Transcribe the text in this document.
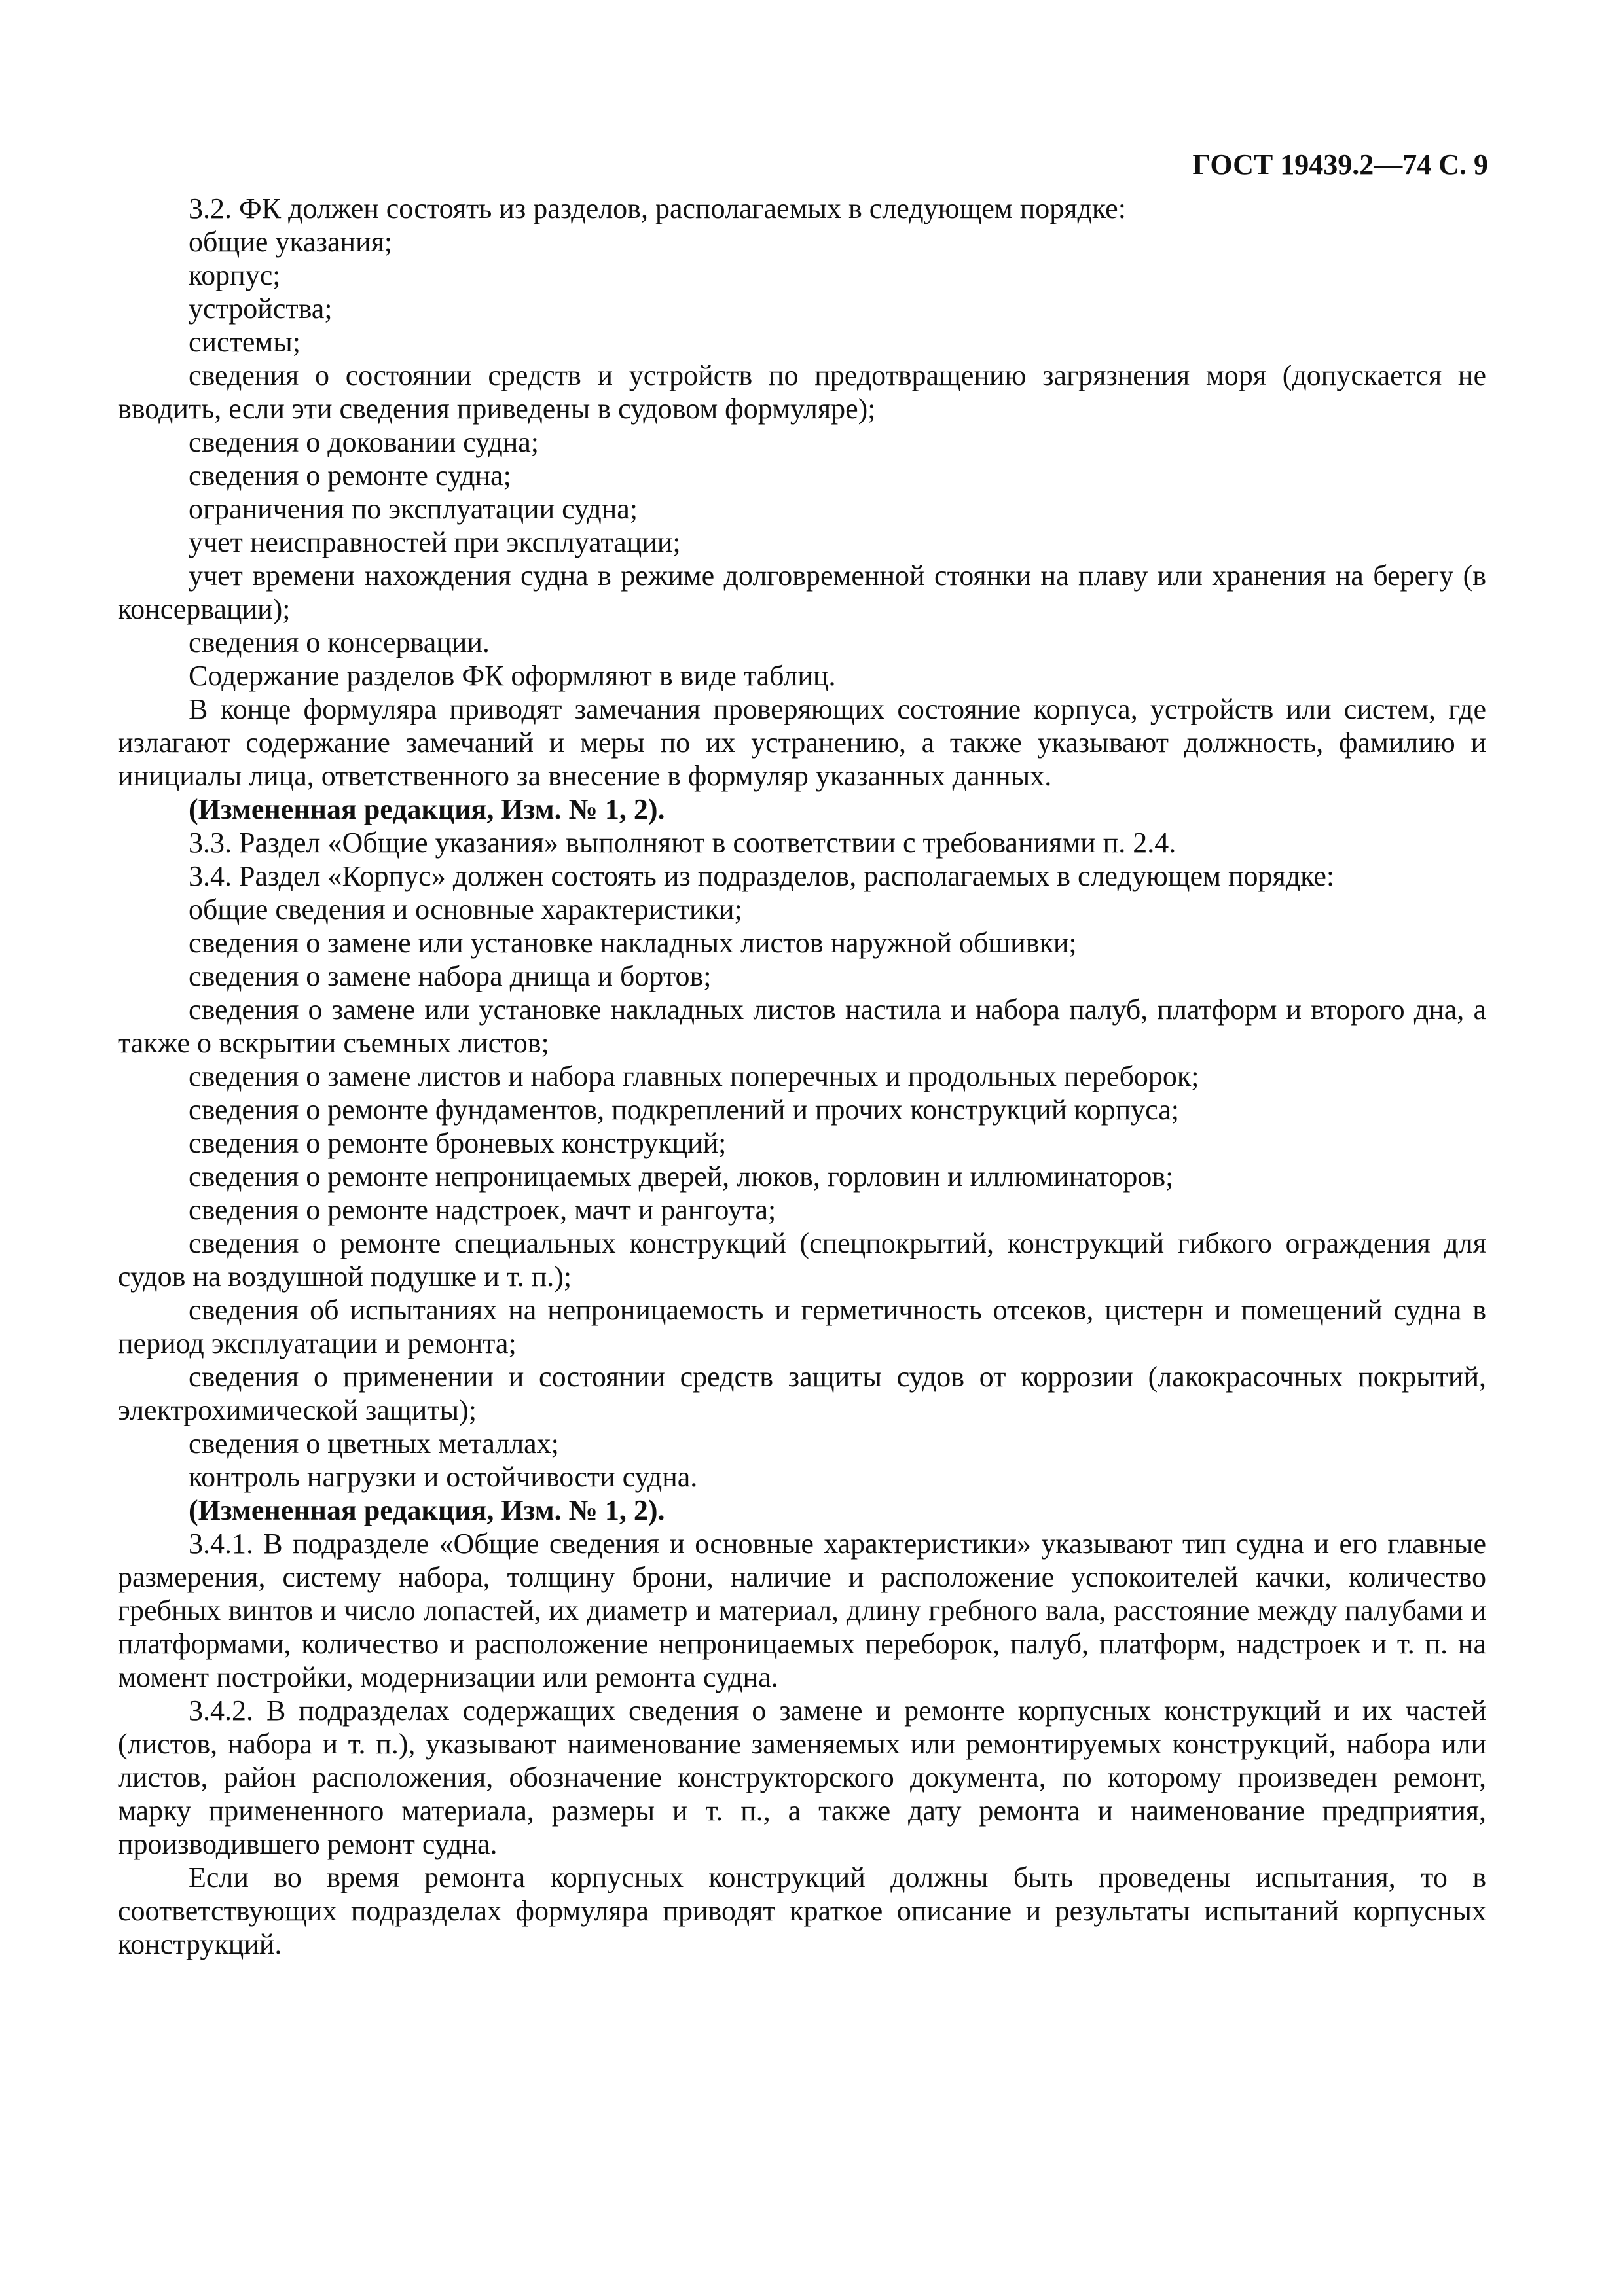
ГОСТ 19439.2—74 С. 9

3.2. ФК должен состоять из разделов, располагаемых в следующем порядке:

общие указания;

корпус;

устройства;

системы;

сведения о состоянии средств и устройств по предотвращению загрязнения моря (допускается не вводить, если эти сведения приведены в судовом формуляре);

сведения о доковании судна;

сведения о ремонте судна;

ограничения по эксплуатации судна;

учет неисправностей при эксплуатации;

учет времени нахождения судна в режиме долговременной стоянки на плаву или хранения на берегу (в консервации);

сведения о консервации.

Содержание разделов ФК оформляют в виде таблиц.

В конце формуляра приводят замечания проверяющих состояние корпуса, устройств или систем, где излагают содержание замечаний и меры по их устранению, а также указывают должность, фамилию и инициалы лица, ответственного за внесение в формуляр указанных данных.

(Измененная редакция, Изм. № 1, 2).

3.3. Раздел «Общие указания» выполняют в соответствии с требованиями п. 2.4.

3.4. Раздел «Корпус» должен состоять из подразделов, располагаемых в следующем порядке:

общие сведения и основные характеристики;

сведения о замене или установке накладных листов наружной обшивки;

сведения о замене набора днища и бортов;

сведения о замене или установке накладных листов настила и набора палуб, платформ и второго дна, а также о вскрытии съемных листов;

сведения о замене листов и набора главных поперечных и продольных переборок;

сведения о ремонте фундаментов, подкреплений и прочих конструкций корпуса;

сведения о ремонте броневых конструкций;

сведения о ремонте непроницаемых дверей, люков, горловин и иллюминаторов;

сведения о ремонте надстроек, мачт и рангоута;

сведения о ремонте специальных конструкций (спецпокрытий, конструкций гибкого ограждения для судов на воздушной подушке и т. п.);

сведения об испытаниях на непроницаемость и герметичность отсеков, цистерн и помещений судна в период эксплуатации и ремонта;

сведения о применении и состоянии средств защиты судов от коррозии (лакокрасочных покрытий, электрохимической защиты);

сведения о цветных металлах;

контроль нагрузки и остойчивости судна.

(Измененная редакция, Изм. № 1, 2).

3.4.1. В подразделе «Общие сведения и основные характеристики» указывают тип судна и его главные размерения, систему набора, толщину брони, наличие и расположение успокоителей качки, количество гребных винтов и число лопастей, их диаметр и материал, длину гребного вала, расстояние между палубами и платформами, количество и расположение непроницаемых переборок, палуб, платформ, надстроек и т. п. на момент постройки, модернизации или ремонта судна.

3.4.2. В подразделах содержащих сведения о замене и ремонте корпусных конструкций и их частей (листов, набора и т. п.), указывают наименование заменяемых или ремонтируемых конструкций, набора или листов, район расположения, обозначение конструкторского документа, по которому произведен ремонт, марку примененного материала, размеры и т. п., а также дату ремонта и наименование предприятия, производившего ремонт судна.

Если во время ремонта корпусных конструкций должны быть проведены испытания, то в соответствующих подразделах формуляра приводят краткое описание и результаты испытаний корпусных конструкций.
